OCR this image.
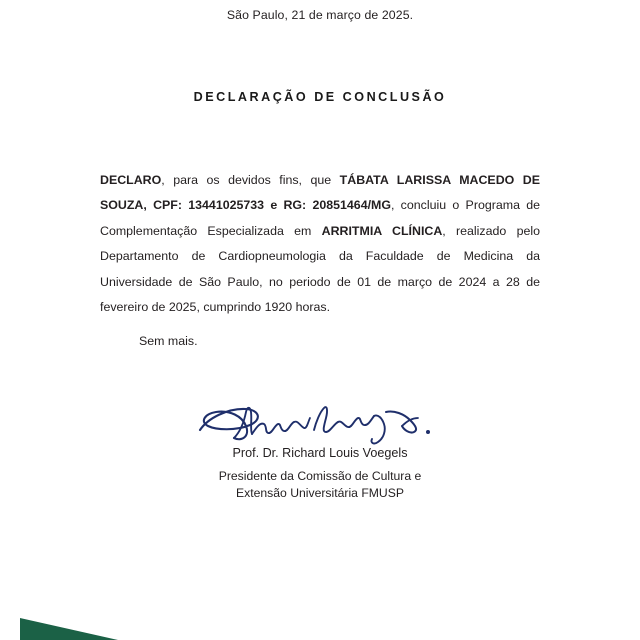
São Paulo, 21 de março de 2025.
DECLARAÇÃO DE CONCLUSÃO

DECLARO, para os devidos fins, que TÁBATA LARISSA MACEDO DE SOUZA, CPF: 13441025733 e RG: 20851464/MG, concluiu o Programa de Complementação Especializada em ARRITMIA CLÍNICA, realizado pelo Departamento de Cardiopneumologia da Faculdade de Medicina da Universidade de São Paulo, no periodo de 01 de março de 2024 a 28 de fevereiro de 2025, cumprindo 1920 horas.

Sem mais.
Prof. Dr. Richard Louis Voegels
Presidente da Comissão de Cultura e
Extensão Universitária FMUSP
